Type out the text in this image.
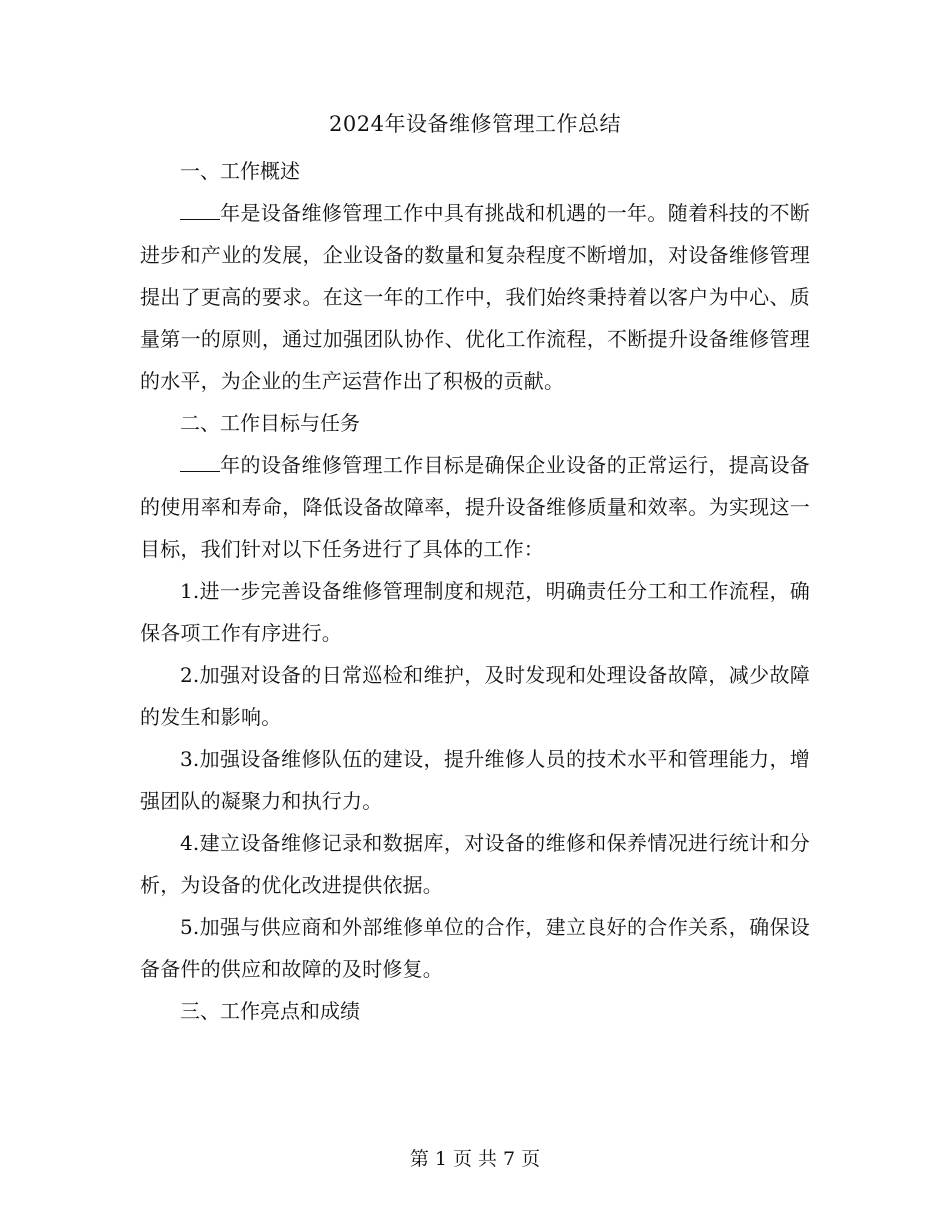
2024年设备维修管理工作总结

一、工作概述

年是设备维修管理工作中具有挑战和机遇的一年。随着科技的不断进步和产业的发展，企业设备的数量和复杂程度不断增加，对设备维修管理提出了更高的要求。在这一年的工作中，我们始终秉持着以客户为中心、质量第一的原则，通过加强团队协作、优化工作流程，不断提升设备维修管理的水平，为企业的生产运营作出了积极的贡献。

二、工作目标与任务

年的设备维修管理工作目标是确保企业设备的正常运行，提高设备的使用率和寿命，降低设备故障率，提升设备维修质量和效率。为实现这一目标，我们针对以下任务进行了具体的工作：

1.进一步完善设备维修管理制度和规范，明确责任分工和工作流程，确保各项工作有序进行。

2.加强对设备的日常巡检和维护，及时发现和处理设备故障，减少故障的发生和影响。

3.加强设备维修队伍的建设，提升维修人员的技术水平和管理能力，增强团队的凝聚力和执行力。

4.建立设备维修记录和数据库，对设备的维修和保养情况进行统计和分析，为设备的优化改进提供依据。

5.加强与供应商和外部维修单位的合作，建立良好的合作关系，确保设备备件的供应和故障的及时修复。

三、工作亮点和成绩

第 1 页 共 7 页
